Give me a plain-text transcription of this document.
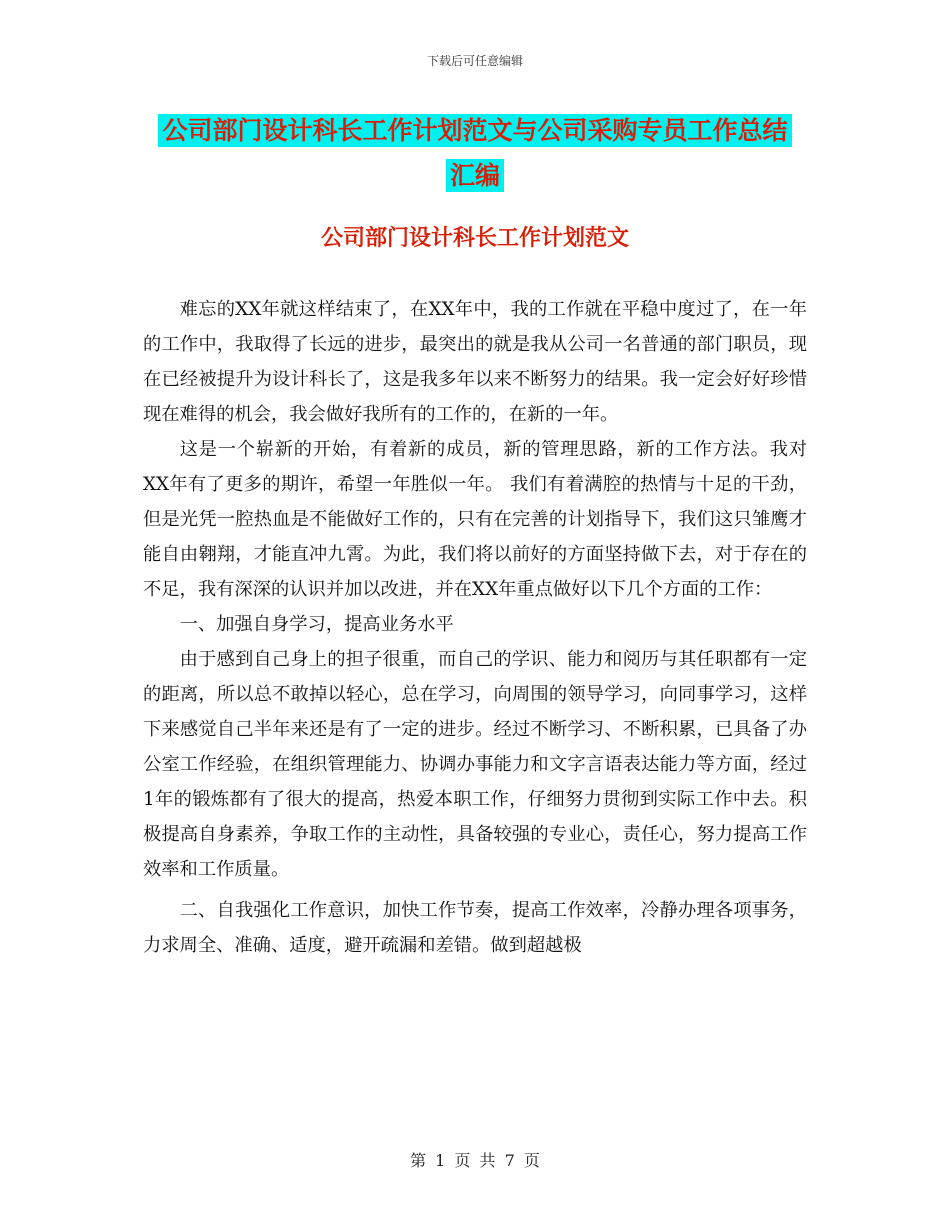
下载后可任意编辑
公司部门设计科长工作计划范文与公司采购专员工作总结汇编
公司部门设计科长工作计划范文

难忘的XX年就这样结束了，在XX年中，我的工作就在平稳中度过了，在一年的工作中，我取得了长远的进步，最突出的就是我从公司一名普通的部门职员，现在已经被提升为设计科长了，这是我多年以来不断努力的结果。我一定会好好珍惜现在难得的机会，我会做好我所有的工作的，在新的一年。

这是一个崭新的开始，有着新的成员，新的管理思路，新的工作方法。我对XX年有了更多的期许，希望一年胜似一年。 我们有着满腔的热情与十足的干劲，但是光凭一腔热血是不能做好工作的，只有在完善的计划指导下，我们这只雏鹰才能自由翱翔，才能直冲九霄。为此，我们将以前好的方面坚持做下去，对于存在的不足，我有深深的认识并加以改进，并在XX年重点做好以下几个方面的工作：

一、加强自身学习，提高业务水平

由于感到自己身上的担子很重，而自己的学识、能力和阅历与其任职都有一定的距离，所以总不敢掉以轻心，总在学习，向周围的领导学习，向同事学习，这样下来感觉自己半年来还是有了一定的进步。经过不断学习、不断积累，已具备了办公室工作经验，在组织管理能力、协调办事能力和文字言语表达能力等方面，经过1年的锻炼都有了很大的提高，热爱本职工作，仔细努力贯彻到实际工作中去。积极提高自身素养，争取工作的主动性，具备较强的专业心，责任心，努力提高工作效率和工作质量。

二、自我强化工作意识，加快工作节奏，提高工作效率，冷静办理各项事务，力求周全、准确、适度，避开疏漏和差错。做到超越极

第 1 页 共 7 页
